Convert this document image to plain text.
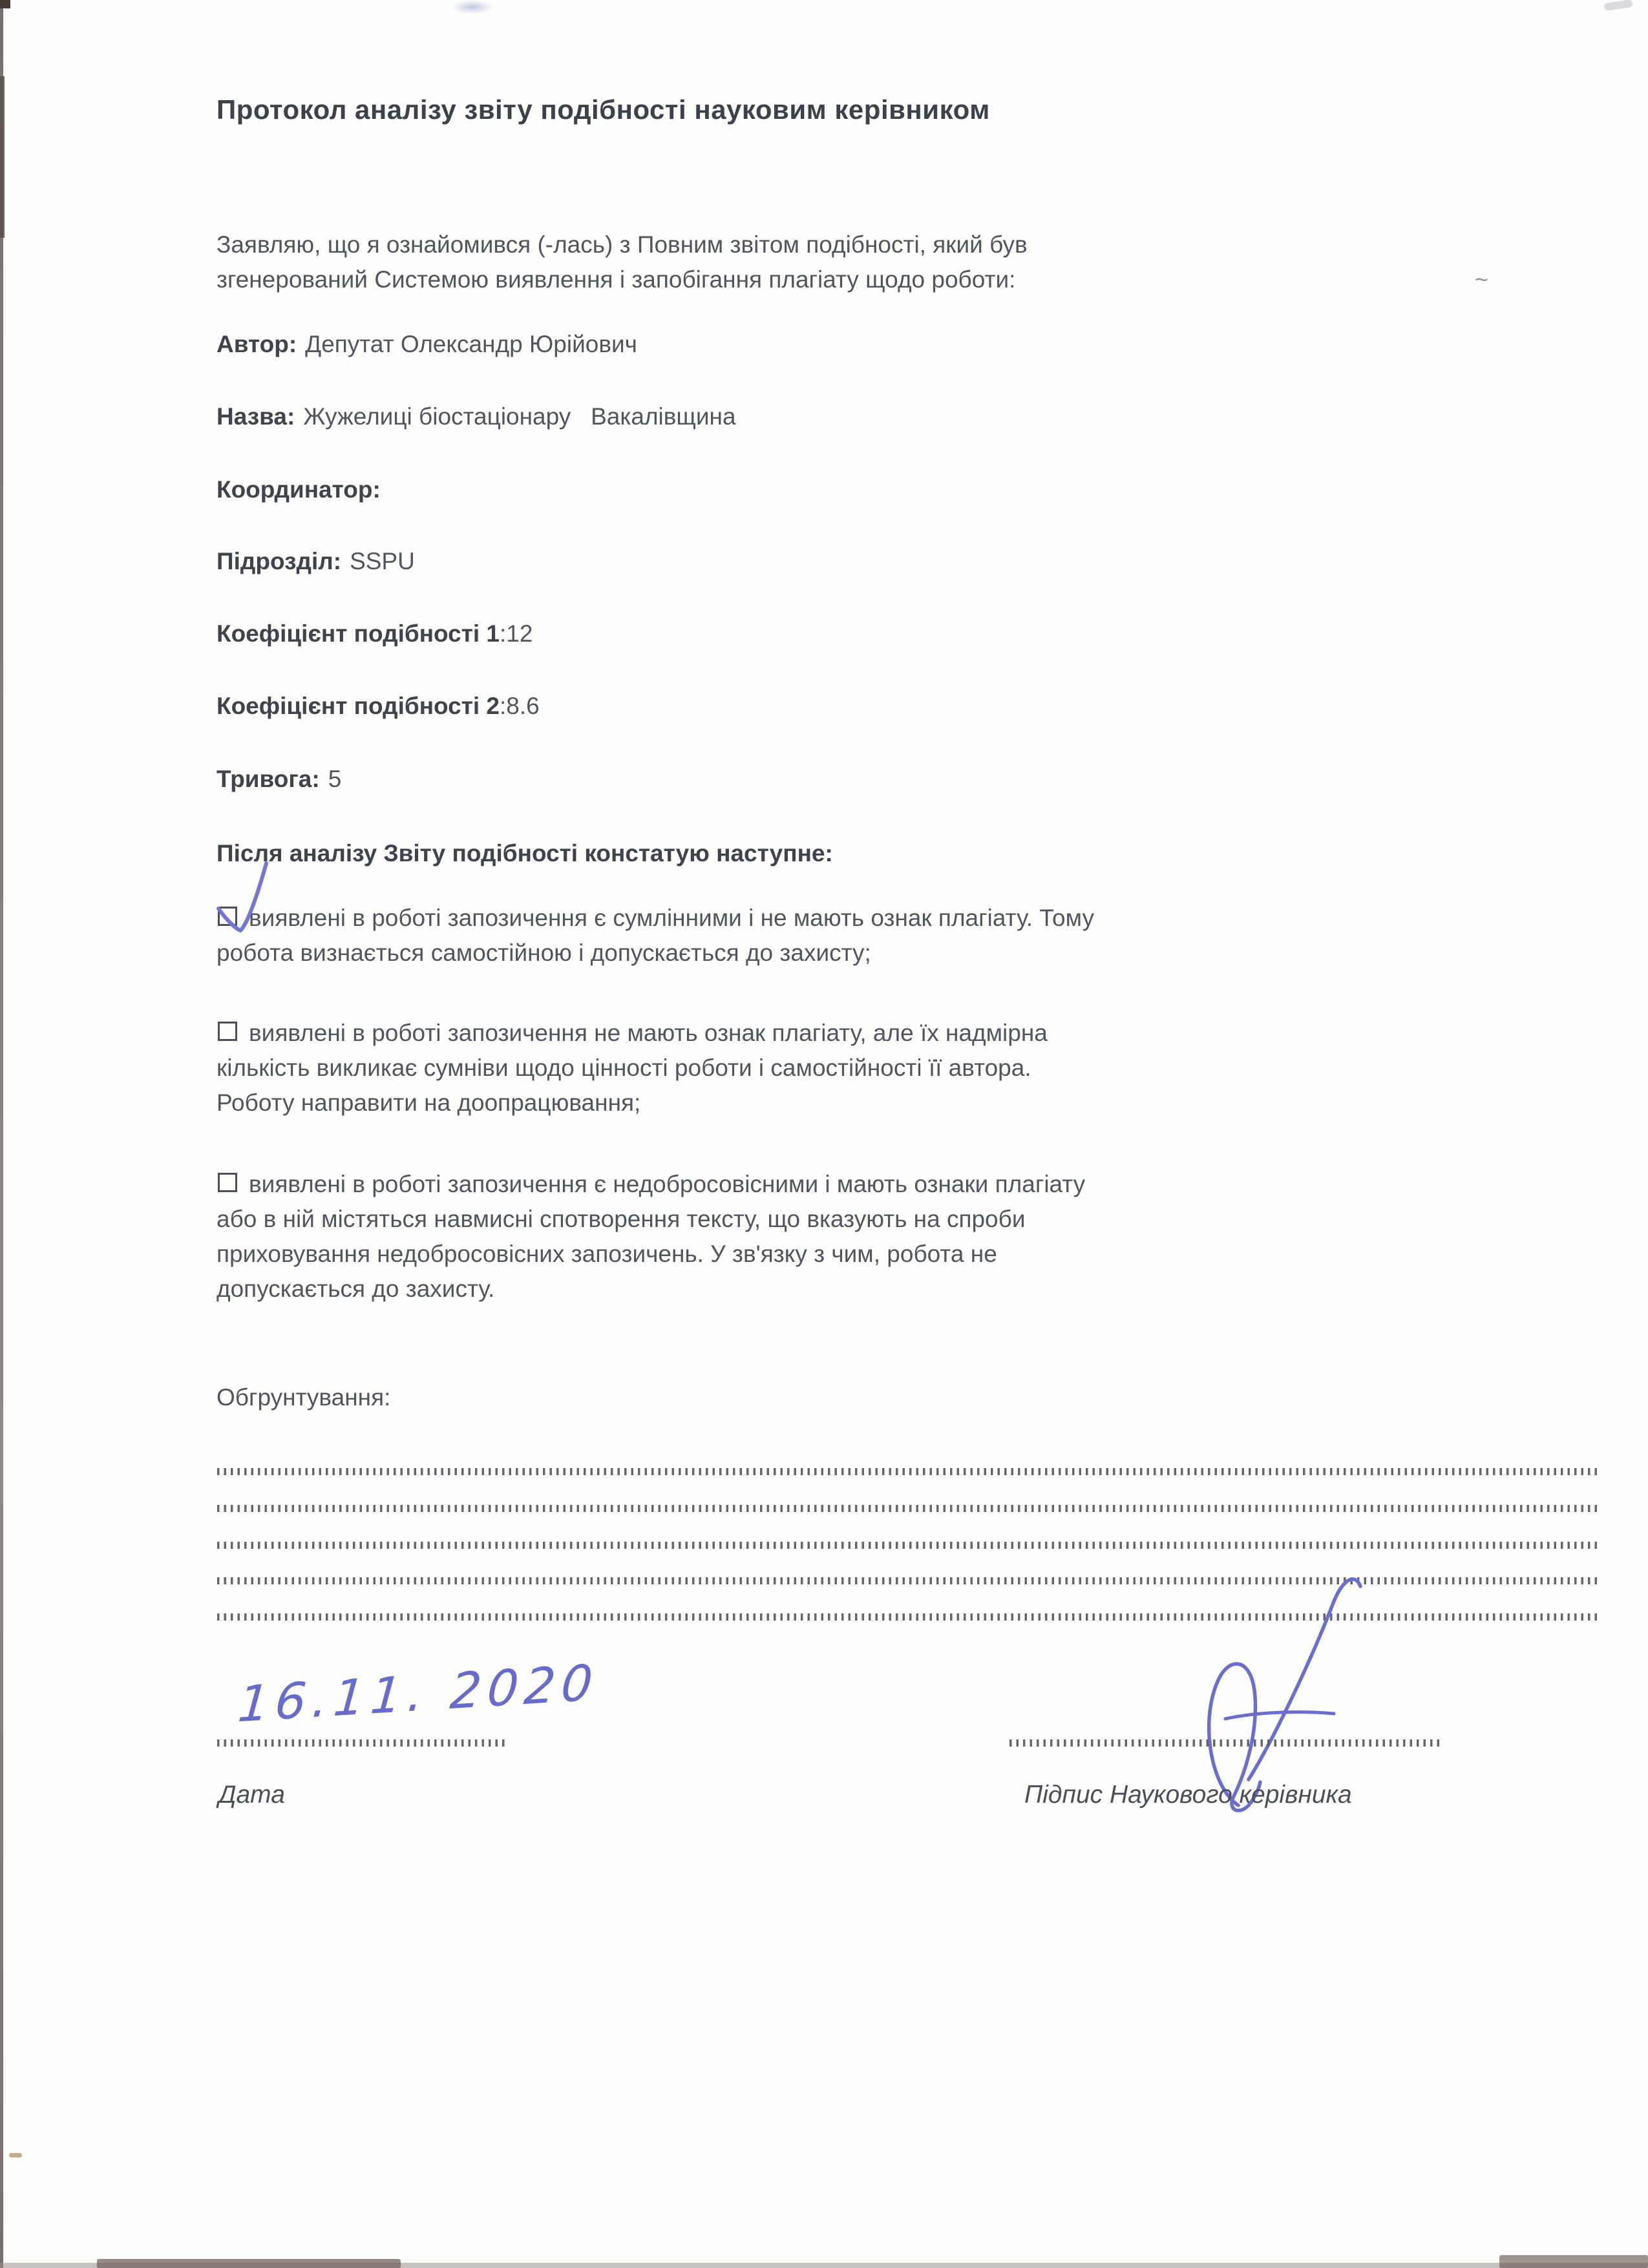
~
Протокол аналізу звіту подібності науковим керівником
Заявляю, що я ознайомився (-лась) з Повним звітом подібності, який був
згенерований Системою виявлення і запобігання плагіату щодо роботи:
Автор: Депутат Олександр Юрійович
Назва: Жужелиці біостаціонару   Вакалівщина
Координатор:
Підрозділ: SSPU
Коефіцієнт подібності 1:12
Коефіцієнт подібності 2:8.6
Тривога: 5
Після аналізу Звіту подібності констатую наступне:
виявлені в роботі запозичення є сумлінними і не мають ознак плагіату. Тому
робота визнається самостійною і допускається до захисту;
виявлені в роботі запозичення не мають ознак плагіату, але їх надмірна
кількість викликає сумніви щодо цінності роботи і самостійності її автора.
Роботу направити на доопрацювання;
виявлені в роботі запозичення є недобросовісними і мають ознаки плагіату
або в ній містяться навмисні спотворення тексту, що вказують на спроби
приховування недобросовісних запозичень. У зв'язку з чим, робота не
допускається до захисту.
Обгрунтування:
16.11. 2020
Дата	Підпис Наукового керівника
